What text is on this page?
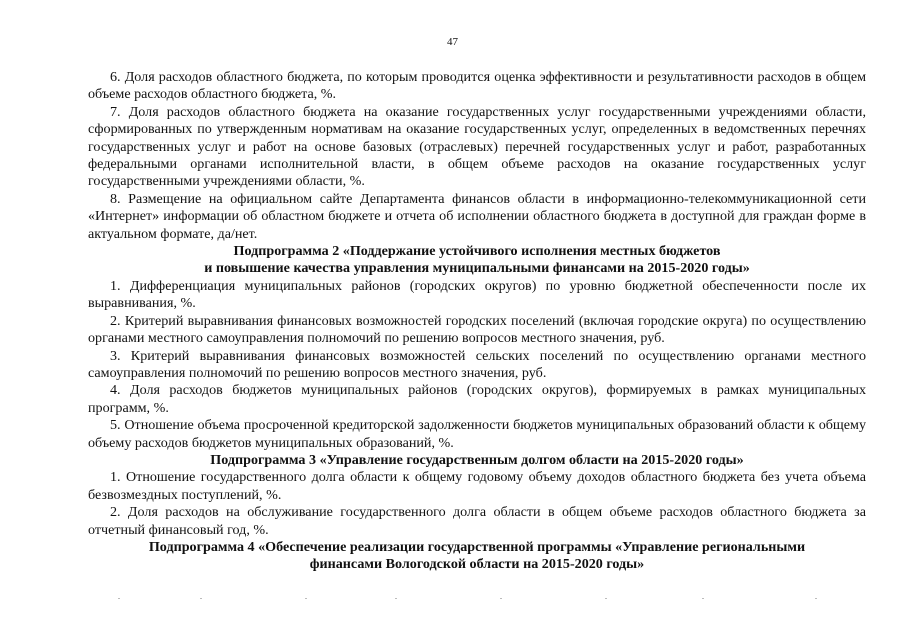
47

6. Доля расходов областного бюджета, по которым проводится оценка эффективности и результативности расходов в общем объеме расходов областного бюджета, %.

7. Доля расходов областного бюджета на оказание государственных услуг государственными учреждениями области, сформированных по утвержденным нормативам на оказание государственных услуг, определенных в ведомственных перечнях государственных услуг и работ на основе базовых (отраслевых) перечней государственных услуг и работ, разработанных федеральными органами исполнительной власти, в общем объеме расходов на оказание государственных услуг государственными учреждениями области, %.

8. Размещение на официальном сайте Департамента финансов области в информационно-телекоммуникационной сети «Интернет» информации об областном бюджете и отчета об исполнении областного бюджета в доступной для граждан форме в актуальном формате, да/нет.

Подпрограмма 2 «Поддержание устойчивого исполнения местных бюджетов
и повышение качества управления муниципальными финансами на 2015-2020 годы»

1. Дифференциация муниципальных районов (городских округов) по уровню бюджетной обеспеченности после их выравнивания, %.

2. Критерий выравнивания финансовых возможностей городских поселений (включая городские округа) по осуществлению органами местного самоуправления полномочий по решению вопросов местного значения, руб.

3. Критерий выравнивания финансовых возможностей сельских поселений по осуществлению органами местного самоуправления полномочий по решению вопросов местного значения, руб.

4. Доля расходов бюджетов муниципальных районов (городских округов), формируемых в рамках муниципальных программ, %.

5. Отношение объема просроченной кредиторской задолженности бюджетов муниципальных образований области к общему объему расходов бюджетов муниципальных образований, %.

Подпрограмма 3 «Управление государственным долгом области на 2015-2020 годы»

1. Отношение государственного долга области к общему годовому объему доходов областного бюджета без учета объема безвозмездных поступлений, %.

2. Доля расходов на обслуживание государственного долга области в общем объеме расходов областного бюджета за отчетный финансовый год, %.

Подпрограмма 4 «Обеспечение реализации государственной программы «Управление региональными
финансами Вологодской области на 2015-2020 годы»
